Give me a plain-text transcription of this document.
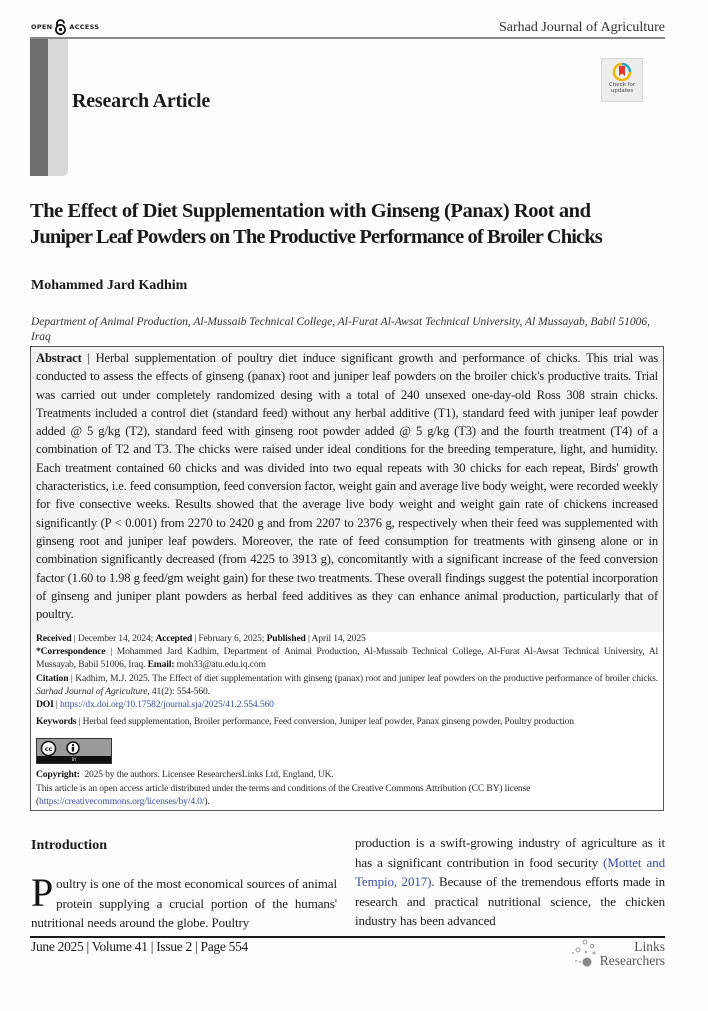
OPEN	ACCESS	Sarhad Journal of Agriculture
Research Article
Check for
updates
The Effect of Diet Supplementation with Ginseng (Panax) Root and
Juniper Leaf Powders on The Productive Performance of Broiler Chicks
Mohammed Jard Kadhim
Department of Animal Production, Al-Mussaib Technical College, Al-Furat Al-Awsat Technical University, Al Mussayab, Babil 51006, Iraq
Abstract | Herbal supplementation of poultry diet induce significant growth and performance of chicks. This trial was conducted to assess the effects of ginseng (panax) root and juniper leaf powders on the broiler chick's productive traits. Trial was carried out under completely randomized desing with a total of 240 unsexed one-day-old Ross 308 strain chicks. Treatments included a control diet (standard feed) without any herbal additive (T1), standard feed with juniper leaf powder added @ 5 g/kg (T2), standard feed with ginseng root powder added @ 5 g/kg (T3) and the fourth treatment (T4) of a combination of T2 and T3. The chicks were raised under ideal conditions for the breeding temperature, light, and humidity. Each treatment contained 60 chicks and was divided into two equal repeats with 30 chicks for each repeat, Birds' growth characteristics, i.e. feed consumption, feed conversion factor, weight gain and average live body weight, were recorded weekly for five consective weeks. Results showed that the average live body weight and weight gain rate of chickens increased significantly (P < 0.001) from 2270 to 2420 g and from 2207 to 2376 g, respectively when their feed was supplemented with ginseng root and juniper leaf powders. Moreover, the rate of feed consumption for treatments with ginseng alone or in combination significantly decreased (from 4225 to 3913 g), concomitantly with a significant increase of the feed conversion factor (1.60 to 1.98 g feed/gm weight gain) for these two treatments. These overall findings suggest the potential incorporation of ginseng and juniper plant powders as herbal feed additives as they can enhance animal production, particularly that of poultry.
Received | December 14, 2024; Accepted | February 6, 2025; Published | April 14, 2025
*Correspondence | Mohammed Jard Kadhim, Department of Animal Production, Al-Mussaib Technical College, Al-Furat Al-Awsat Technical University, Al Mussayab, Babil 51006, Iraq. Email: moh33@atu.edu.iq.com
Citation | Kadhim, M.J. 2025. The Effect of diet supplementation with ginseng (panax) root and juniper leaf powders on the productive performance of broiler chicks. Sarhad Journal of Agriculture, 41(2): 554-560.
DOI | https://dx.doi.org/10.17582/journal.sja/2025/41.2.554.560
Keywords | Herbal feed supplementation, Broiler performance, Feed conversion, Juniper leaf powder, Panax ginseng powder, Poultry production
cc
BY
Copyright: 2025 by the authors. Licensee ResearchersLinks Ltd, England, UK.
This article is an open access article distributed under the terms and conditions of the Creative Commons Attribution (CC BY) license (https://creativecommons.org/licenses/by/4.0/).
Introduction
Poultry is one of the most economical sources of animal protein supplying a crucial portion of the humans' nutritional needs around the globe. Poultry
production is a swift-growing industry of agriculture as it has a significant contribution in food security (Mottet and Tempio, 2017). Because of the tremendous efforts made in research and practical nutritional science, the chicken industry has been advanced
June 2025 | Volume 41 | Issue 2 | Page 554	Links
Researchers
